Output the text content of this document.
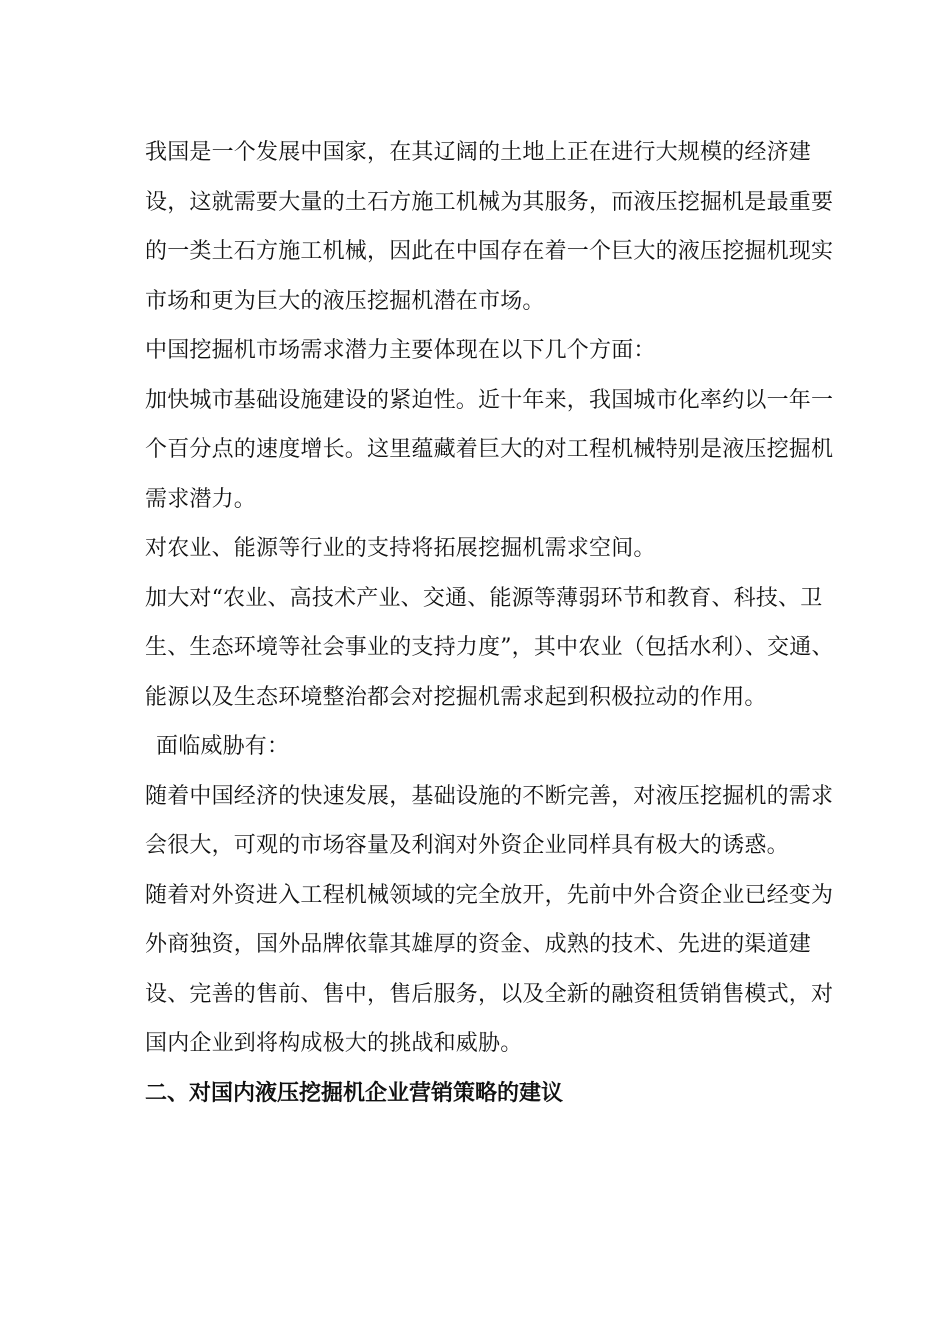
我国是一个发展中国家，在其辽阔的土地上正在进行大规模的经济建设，这就需要大量的土石方施工机械为其服务，而液压挖掘机是最重要的一类土石方施工机械，因此在中国存在着一个巨大的液压挖掘机现实市场和更为巨大的液压挖掘机潜在市场。

中国挖掘机市场需求潜力主要体现在以下几个方面：

加快城市基础设施建设的紧迫性。近十年来，我国城市化率约以一年一个百分点的速度增长。这里蕴藏着巨大的对工程机械特别是液压挖掘机需求潜力。

对农业、能源等行业的支持将拓展挖掘机需求空间。

加大对“农业、高技术产业、交通、能源等薄弱环节和教育、科技、卫生、生态环境等社会事业的支持力度”，其中农业（包括水利）、交通、能源以及生态环境整治都会对挖掘机需求起到积极拉动的作用。

面临威胁有：

随着中国经济的快速发展，基础设施的不断完善，对液压挖掘机的需求会很大，可观的市场容量及利润对外资企业同样具有极大的诱惑。

随着对外资进入工程机械领域的完全放开，先前中外合资企业已经变为外商独资，国外品牌依靠其雄厚的资金、成熟的技术、先进的渠道建设、完善的售前、售中，售后服务，以及全新的融资租赁销售模式，对国内企业到将构成极大的挑战和威胁。

二、对国内液压挖掘机企业营销策略的建议
